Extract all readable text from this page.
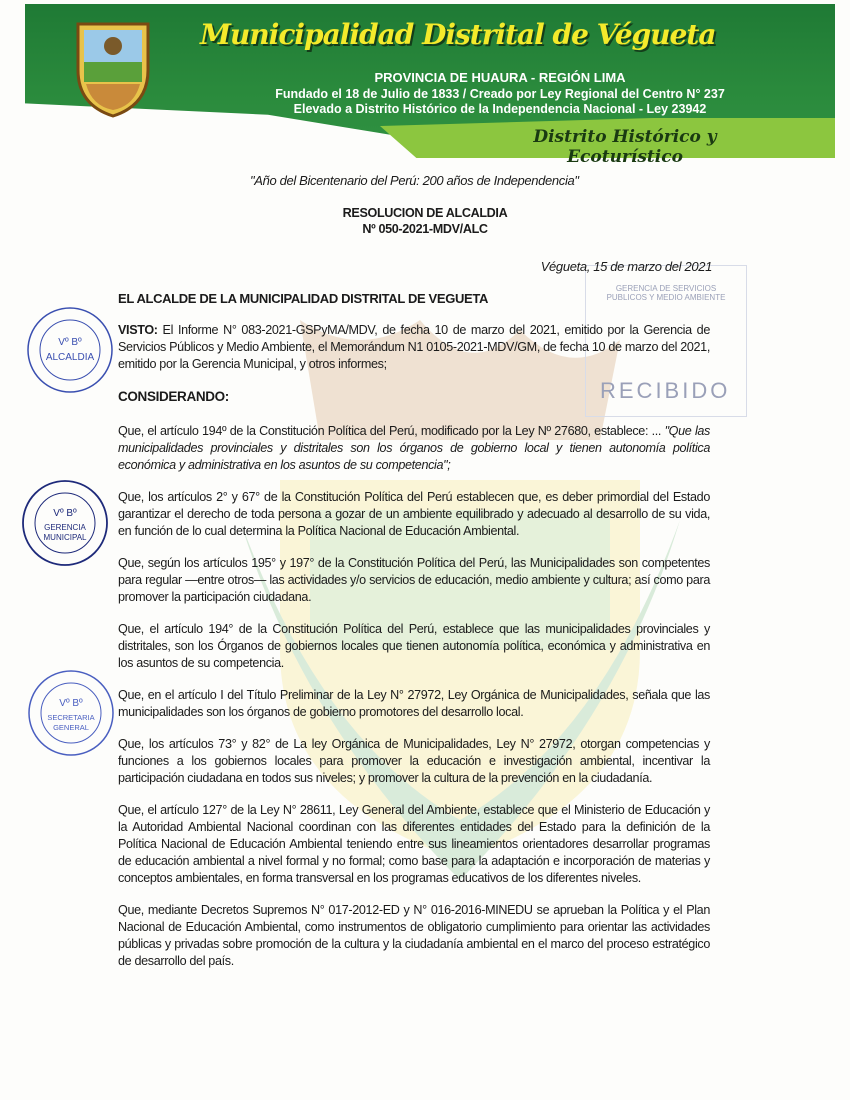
Municipalidad Distrital de Végueta
PROVINCIA DE HUAURA - REGIÓN LIMA
Fundado el 18 de Julio de 1833 / Creado por Ley Regional del Centro N° 237
Elevado a Distrito Histórico de la Independencia Nacional - Ley 23942
Distrito Histórico y Ecoturístico
GERENCIA DE SERVICIOS PUBLICOS Y MEDIO AMBIENTE
RECIBIDO
"Año del Bicentenario del Perú: 200 años de Independencia"
RESOLUCION DE ALCALDIA
Nº 050-2021-MDV/ALC
Végueta, 15 de marzo del 2021
EL ALCALDE DE LA MUNICIPALIDAD DISTRITAL DE VEGUETA

VISTO: El Informe N° 083-2021-GSPyMA/MDV, de fecha 10 de marzo del 2021, emitido por la Gerencia de Servicios Públicos y Medio Ambiente, el Memorándum N1 0105-2021-MDV/GM, de fecha 10 de marzo del 2021, emitido por la Gerencia Municipal, y otros informes;

CONSIDERANDO:

Que, el artículo 194º de la Constitución Política del Perú, modificado por la Ley Nº 27680, establece: ... "Que las municipalidades provinciales y distritales son los órganos de gobierno local y tienen autonomía política económica y administrativa en los asuntos de su competencia";

Que, los artículos 2° y 67° de la Constitución Política del Perú establecen que, es deber primordial del Estado garantizar el derecho de toda persona a gozar de un ambiente equilibrado y adecuado al desarrollo de su vida, en función de lo cual determina la Política Nacional de Educación Ambiental.

Que, según los artículos 195° y 197° de la Constitución Política del Perú, las Municipalidades son competentes para regular —entre otros— las actividades y/o servicios de educación, medio ambiente y cultura; así como para promover la participación ciudadana.

Que, el artículo 194° de la Constitución Política del Perú, establece que las municipalidades provinciales y distritales, son los Órganos de gobiernos locales que tienen autonomía política, económica y administrativa en los asuntos de su competencia.

Que, en el artículo I del Título Preliminar de la Ley N° 27972, Ley Orgánica de Municipalidades, señala que las municipalidades son los órganos de gobierno promotores del desarrollo local.

Que, los artículos 73° y 82° de La ley Orgánica de Municipalidades, Ley N° 27972, otorgan competencias y funciones a los gobiernos locales para promover la educación e investigación ambiental, incentivar la participación ciudadana en todos sus niveles; y promover la cultura de la prevención en la ciudadanía.

Que, el artículo 127° de la Ley N° 28611, Ley General del Ambiente, establece que el Ministerio de Educación y la Autoridad Ambiental Nacional coordinan con las diferentes entidades del Estado para la definición de la Política Nacional de Educación Ambiental teniendo entre sus lineamientos orientadores desarrollar programas de educación ambiental a nivel formal y no formal; como base para la adaptación e incorporación de materias y conceptos ambientales, en forma transversal en los programas educativos de los diferentes niveles.

Que, mediante Decretos Supremos N° 017-2012-ED y N° 016-2016-MINEDU se aprueban la Política y el Plan Nacional de Educación Ambiental, como instrumentos de obligatorio cumplimiento para orientar las actividades públicas y privadas sobre promoción de la cultura y la ciudadanía ambiental en el marco del proceso estratégico de desarrollo del país.

Vº Bº
ALCALDIA
Vº Bº
GERENCIA
MUNICIPAL
Vº Bº
SECRETARIA
GENERAL
